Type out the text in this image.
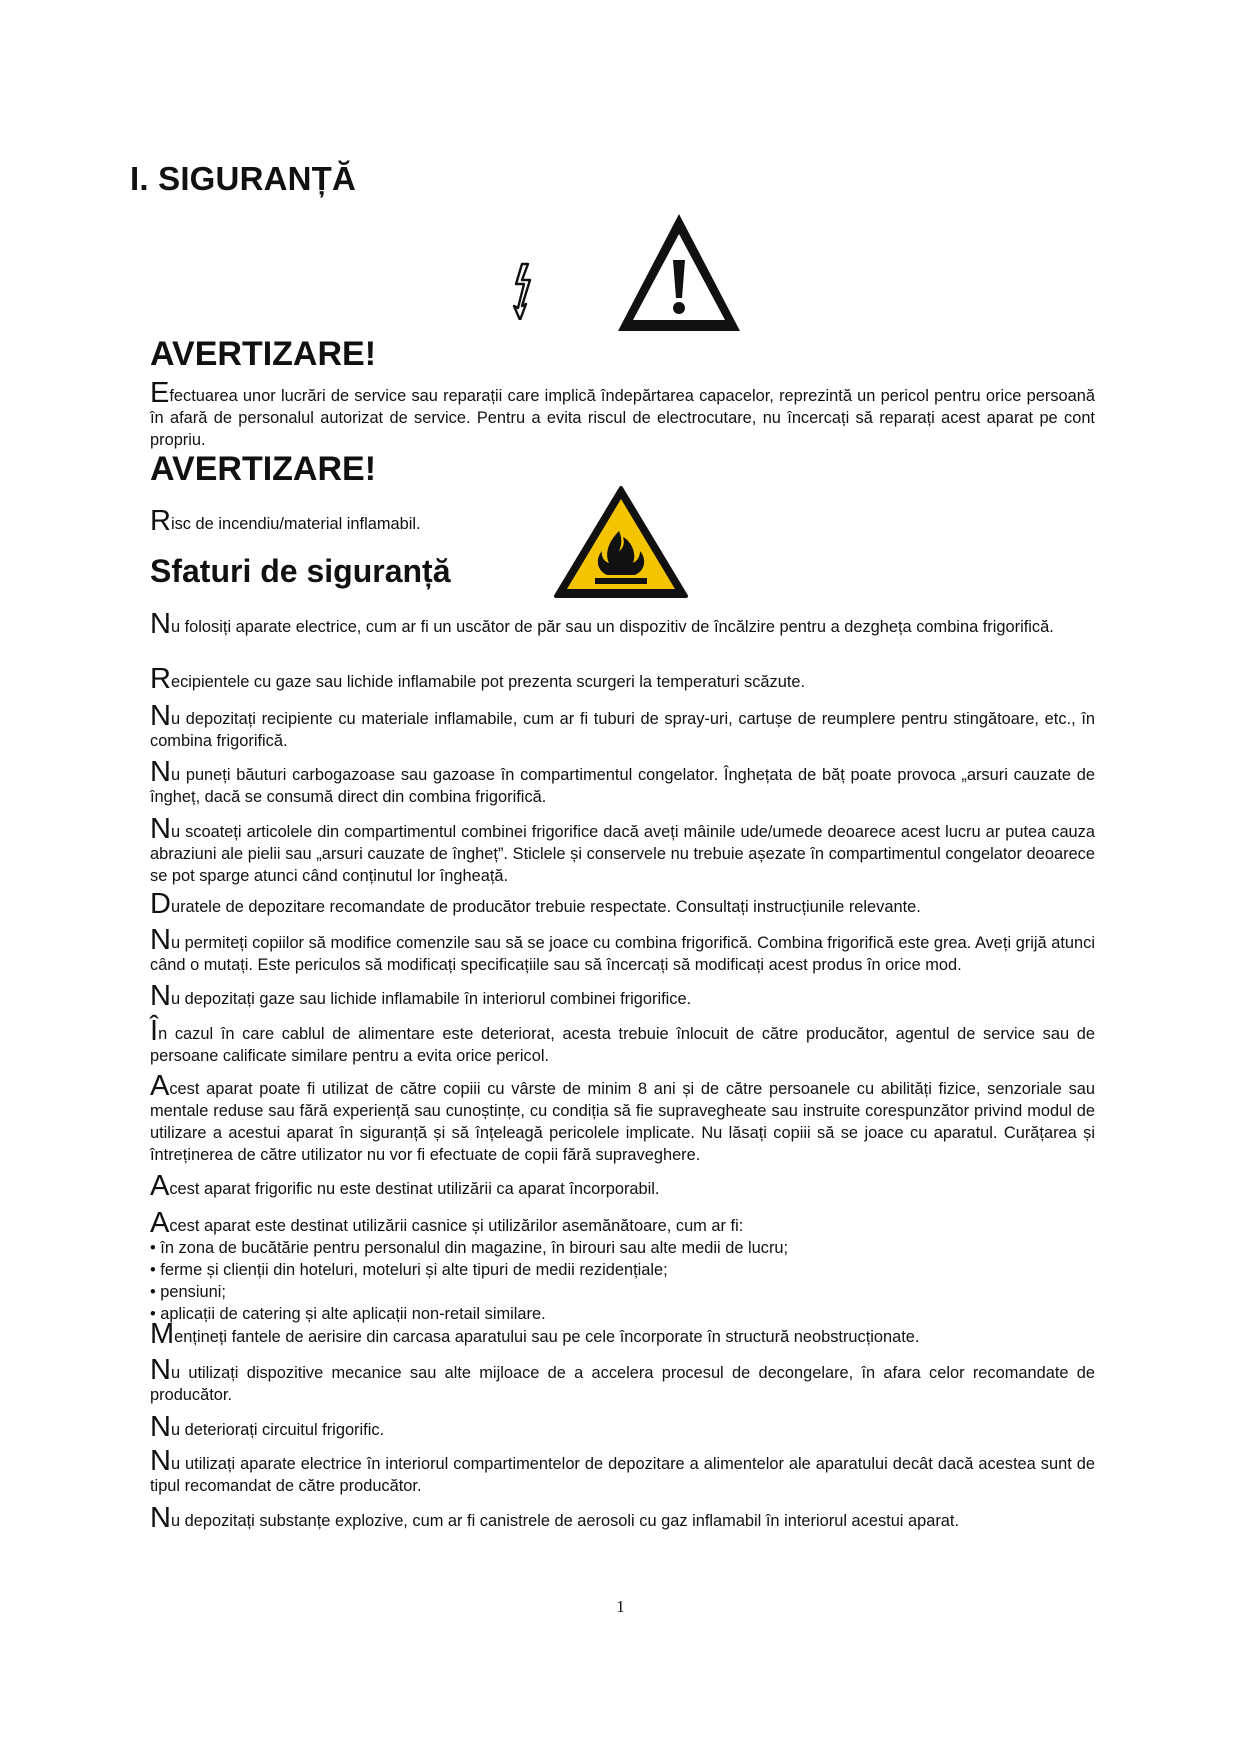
I. SIGURANȚĂ
AVERTIZARE!

Efectuarea unor lucrări de service sau reparații care implică îndepărtarea capacelor, reprezintă un pericol pentru orice persoană în afară de personalul autorizat de service. Pentru a evita riscul de electrocutare, nu încercați să reparați acest aparat pe cont propriu.

AVERTIZARE!

Risc de incendiu/material inflamabil.

Sfaturi de siguranță

Nu folosiți aparate electrice, cum ar fi un uscător de păr sau un dispozitiv de încălzire pentru a dezgheța combina frigorifică.

Recipientele cu gaze sau lichide inflamabile pot prezenta scurgeri la temperaturi scăzute.

Nu depozitați recipiente cu materiale inflamabile, cum ar fi tuburi de spray-uri, cartușe de reumplere pentru stingătoare, etc., în combina frigorifică.

Nu puneți băuturi carbogazoase sau gazoase în compartimentul congelator. Înghețata de băț poate provoca „arsuri cauzate de îngheț, dacă se consumă direct din combina frigorifică.

Nu scoateți articolele din compartimentul combinei frigorifice dacă aveți mâinile ude/umede deoarece acest lucru ar putea cauza abraziuni ale pielii sau „arsuri cauzate de îngheț”. Sticlele și conservele nu trebuie așezate în compartimentul congelator deoarece se pot sparge atunci când conținutul lor îngheață.

Duratele de depozitare recomandate de producător trebuie respectate. Consultați instrucțiunile relevante.

Nu permiteți copiilor să modifice comenzile sau să se joace cu combina frigorifică. Combina frigorifică este grea. Aveți grijă atunci când o mutați. Este periculos să modificați specificațiile sau să încercați să modificați acest produs în orice mod.

Nu depozitați gaze sau lichide inflamabile în interiorul combinei frigorifice.

În cazul în care cablul de alimentare este deteriorat, acesta trebuie înlocuit de către producător, agentul de service sau de persoane calificate similare pentru a evita orice pericol.

Acest aparat poate fi utilizat de către copiii cu vârste de minim 8 ani și de către persoanele cu abilități fizice, senzoriale sau mentale reduse sau fără experiență sau cunoștințe, cu condiția să fie supravegheate sau instruite corespunzător privind modul de utilizare a acestui aparat în siguranță și să înțeleagă pericolele implicate. Nu lăsați copiii să se joace cu aparatul. Curățarea și întreținerea de către utilizator nu vor fi efectuate de copii fără supraveghere.

Acest aparat frigorific nu este destinat utilizării ca aparat încorporabil.

Acest aparat este destinat utilizării casnice și utilizărilor asemănătoare, cum ar fi:
• în zona de bucătărie pentru personalul din magazine, în birouri sau alte medii de lucru;
• ferme și clienții din hoteluri, moteluri și alte tipuri de medii rezidențiale;
• pensiuni;
• aplicații de catering și alte aplicații non-retail similare.

Mențineți fantele de aerisire din carcasa aparatului sau pe cele încorporate în structură neobstrucționate.

Nu utilizați dispozitive mecanice sau alte mijloace de a accelera procesul de decongelare, în afara celor recomandate de producător.

Nu deteriorați circuitul frigorific.

Nu utilizați aparate electrice în interiorul compartimentelor de depozitare a alimentelor ale aparatului decât dacă acestea sunt de tipul recomandat de către producător.

Nu depozitați substanțe explozive, cum ar fi canistrele de aerosoli cu gaz inflamabil în interiorul acestui aparat.

1
